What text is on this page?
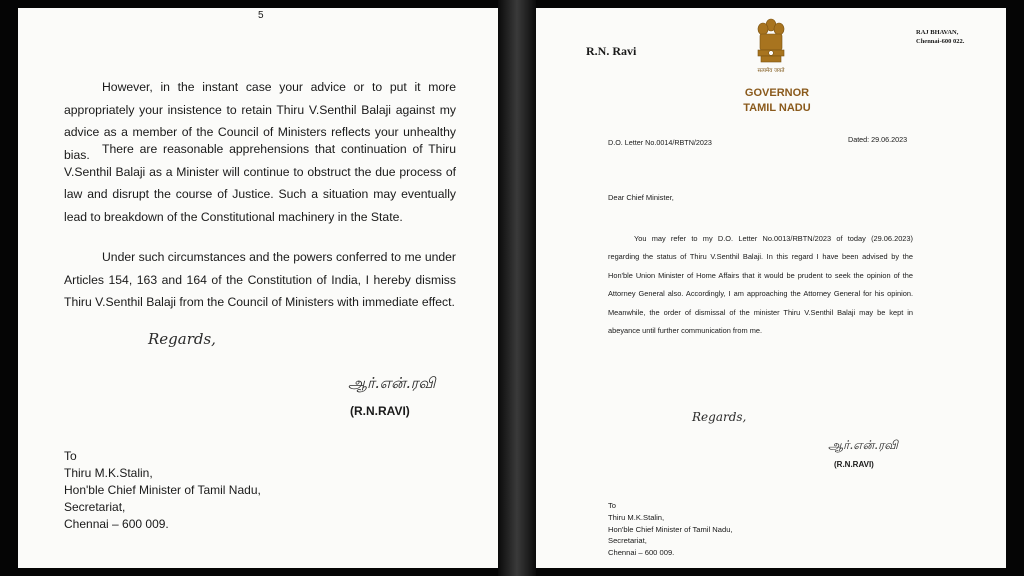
5
However, in the instant case your advice or to put it more appropriately your insistence to retain Thiru V.Senthil Balaji against my advice as a member of the Council of Ministers reflects your unhealthy bias.	There are reasonable apprehensions that continuation of Thiru V.Senthil Balaji as a Minister will continue to obstruct the due process of law and disrupt the course of Justice. Such a situation may eventually lead to breakdown of the Constitutional machinery in the State.
Under such circumstances and the powers conferred to me under Articles 154, 163 and 164 of the Constitution of India, I hereby dismiss Thiru V.Senthil Balaji from the Council of Ministers with immediate effect.
Regards,
ஆர்.என்.ரவி
(R.N.RAVI)
To
Thiru M.K.Stalin,
Hon'ble Chief Minister of Tamil Nadu,
Secretariat,
Chennai – 600 009.
R.N. Ravi
सत्यमेव जयते
RAJ BHAVAN,
Chennai-600 022.
GOVERNOR
TAMIL NADU
D.O. Letter No.0014/RBTN/2023	Dated: 29.06.2023
Dear Chief Minister,
You may refer to my D.O. Letter No.0013/RBTN/2023 of today (29.06.2023) regarding the status of Thiru V.Senthil Balaji. In this regard I have been advised by the Hon'ble Union Minister of Home Affairs that it would be prudent to seek the opinion of the Attorney General also. Accordingly, I am approaching the Attorney General for his opinion. Meanwhile, the order of dismissal of the minister Thiru V.Senthil Balaji may be kept in abeyance until further communication from me.
Regards,
ஆர்.என்.ரவி
(R.N.RAVI)
To
Thiru M.K.Stalin,
Hon'ble Chief Minister of Tamil Nadu,
Secretariat,
Chennai – 600 009.
